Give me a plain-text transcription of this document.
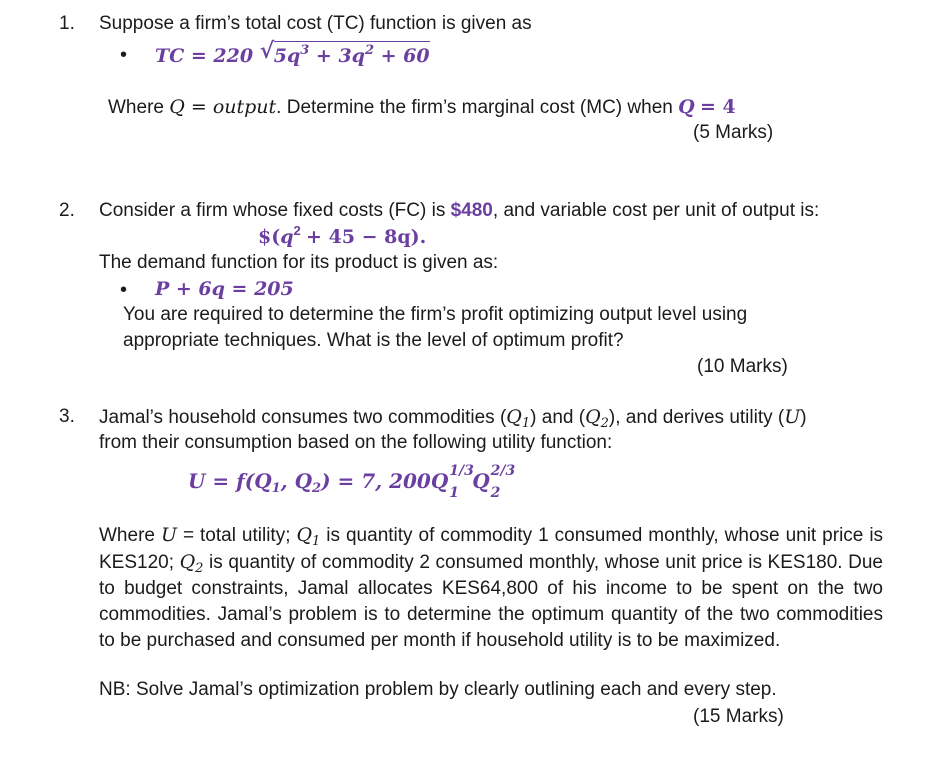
1. Suppose a firm’s total cost (TC) function is given as
• TC = 220 √ $5q^3 + 3q^2 + 60$
Where Q = output. Determine the firm’s marginal cost (MC) when Q = 4
(5 Marks)
2. Consider a firm whose fixed costs (FC) is $480, and variable cost per unit of output is:
$\$(q^2 + 45 - 8q)$.
The demand function for its product is given as:
• P + 6q = 205
You are required to determine the firm’s profit optimizing output level using appropriate techniques. What is the level of optimum profit?
(10 Marks)
3. Jamal’s household consumes two commodities $(Q_1)$ and $(Q_2)$, and derives utility (U)
from their consumption based on the following utility function:
$U = f(Q_1$, $Q_2) = 7$, 200Q 1/3
1 Q 2/3
2
Where U = total utility; $Q_1$ is quantity of commodity 1 consumed monthly, whose unit price is KES120; $Q_2$ is quantity of commodity 2 consumed monthly, whose unit price is KES180. Due to budget constraints, Jamal allocates KES64,800 of his income to be spent on the two commodities. Jamal’s problem is to determine the optimum quantity of the two commodities to be purchased and consumed per month if household utility is to be maximized.
NB: Solve Jamal’s optimization problem by clearly outlining each and every step.
(15 Marks)
